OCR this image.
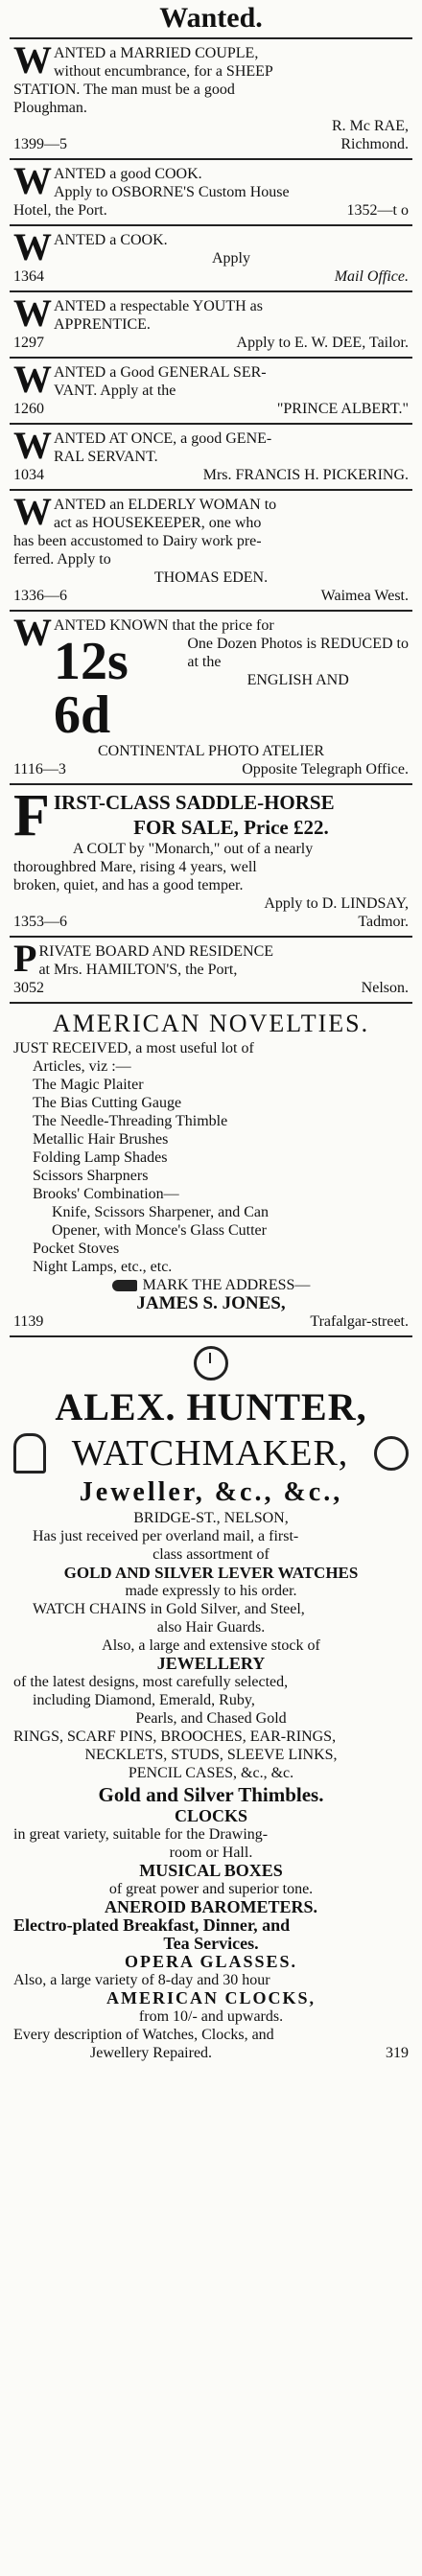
Wanted.
W ANTED a MARRIED COUPLE,
without encumbrance, for a SHEEP
STATION. The man must be a good
Ploughman.
R. Mc RAE,
1399—5	Richmond.
W ANTED a good COOK.
Apply to OSBORNE'S Custom House
Hotel, the Port.	1352—t o
W ANTED a COOK.
Apply
1364	Mail Office.
W ANTED a respectable YOUTH as
APPRENTICE.
1297	Apply to E. W. DEE, Tailor.
W ANTED a Good GENERAL SER-
VANT. Apply at the
1260	"PRINCE ALBERT."
W ANTED AT ONCE, a good GENE-
RAL SERVANT.
1034	Mrs. FRANCIS H. PICKERING.
W ANTED an ELDERLY WOMAN to
act as HOUSEKEEPER, one who
has been accustomed to Dairy work pre-
ferred. Apply to
THOMAS EDEN.
1336—6	Waimea West.
W ANTED KNOWN that the price for
12s 6d
One Dozen Photos is REDUCED to
at the
ENGLISH AND
CONTINENTAL PHOTO ATELIER
1116—3	Opposite Telegraph Office.
F IRST-CLASS SADDLE-HORSE
FOR SALE, Price £22.
A COLT by "Monarch," out of a nearly
thoroughbred Mare, rising 4 years, well
broken, quiet, and has a good temper.
Apply to D. LINDSAY,
1353—6	Tadmor.
P RIVATE BOARD AND RESIDENCE
at Mrs. HAMILTON'S, the Port,
3052	Nelson.
AMERICAN NOVELTIES.
JUST RECEIVED, a most useful lot of
Articles, viz :—
The Magic Plaiter
The Bias Cutting Gauge
The Needle-Threading Thimble
Metallic Hair Brushes
Folding Lamp Shades
Scissors Sharpners
Brooks' Combination—
Knife, Scissors Sharpener, and Can
Opener, with Monce's Glass Cutter
Pocket Stoves
Night Lamps, etc., etc.
MARK THE ADDRESS—
JAMES S. JONES,
1139	Trafalgar-street.
ALEX. HUNTER,
WATCHMAKER,
Jeweller, &c., &c.,
BRIDGE-ST., NELSON,
Has just received per overland mail, a first-
class assortment of
GOLD AND SILVER LEVER WATCHES
made expressly to his order.
WATCH CHAINS in Gold Silver, and Steel,
also Hair Guards.
Also, a large and extensive stock of
JEWELLERY
of the latest designs, most carefully selected,
including Diamond, Emerald, Ruby,
Pearls, and Chased Gold
RINGS, SCARF PINS, BROOCHES, EAR-RINGS,
NECKLETS, STUDS, SLEEVE LINKS,
PENCIL CASES, &c., &c.
Gold and Silver Thimbles.
CLOCKS
in great variety, suitable for the Drawing-
room or Hall.
MUSICAL BOXES
of great power and superior tone.
ANEROID BAROMETERS.
Electro-plated Breakfast, Dinner, and
Tea Services.
OPERA GLASSES.
Also, a large variety of 8-day and 30 hour
AMERICAN CLOCKS,
from 10/- and upwards.
Every description of Watches, Clocks, and
Jewellery Repaired.	319
